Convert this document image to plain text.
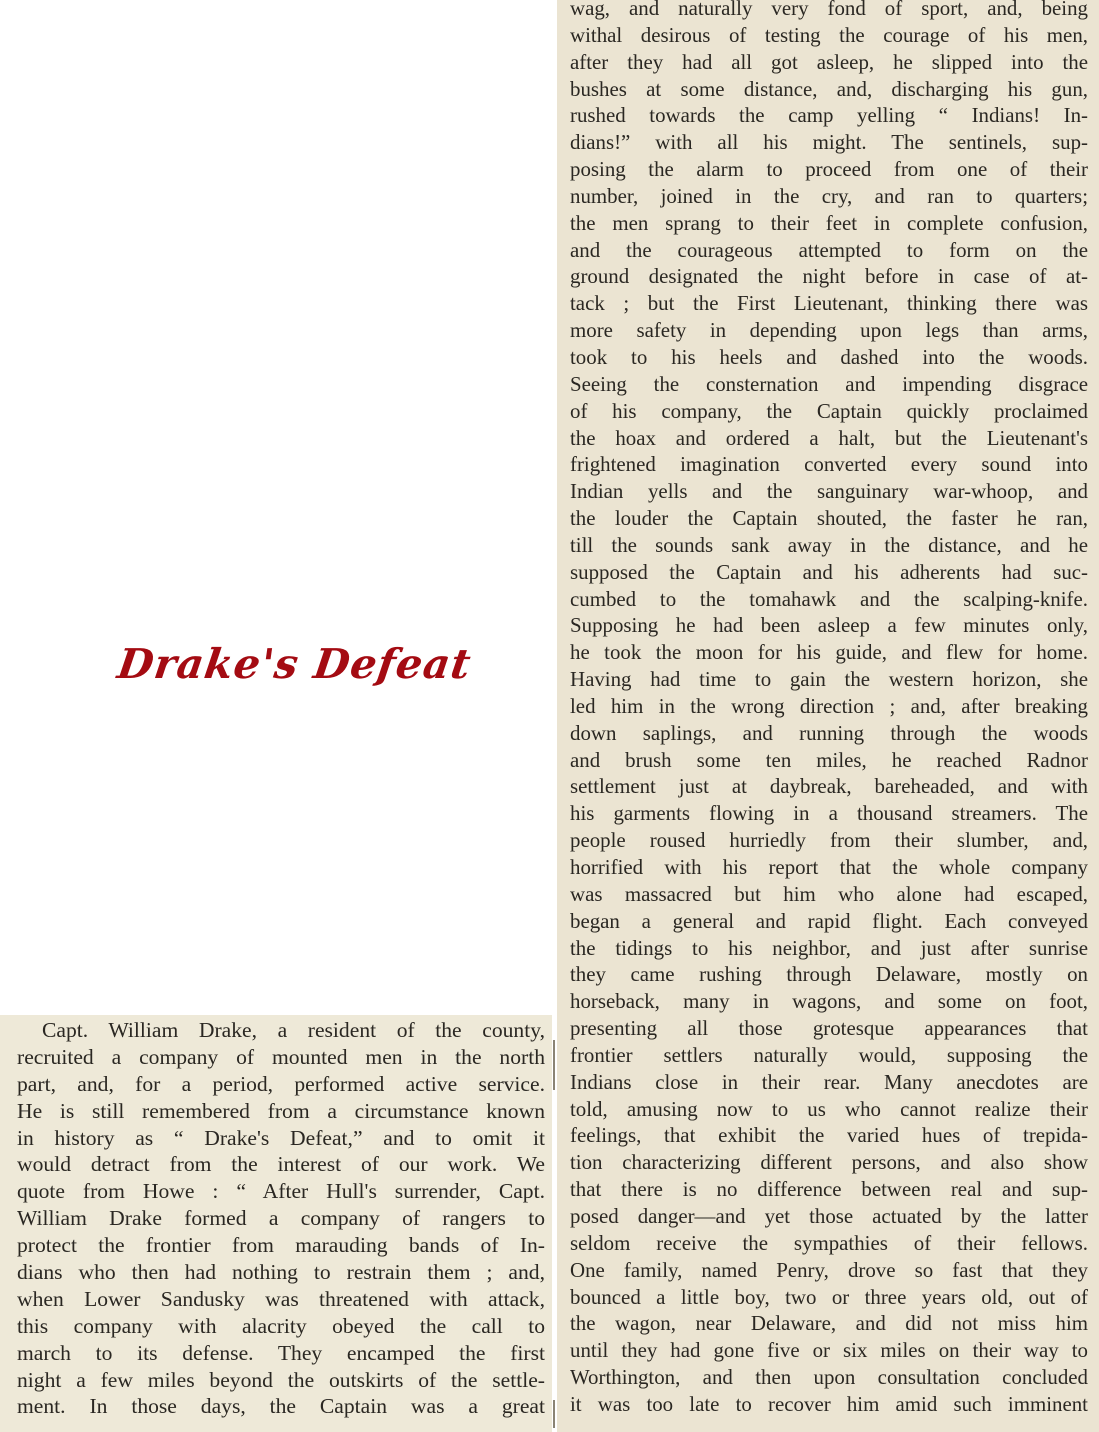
Drake's Defeat
Capt. William Drake, a resident of the county,
recruited a company of mounted men in the north
part, and, for a period, performed active service.
He is still remembered from a circumstance known
in history as “ Drake's Defeat,” and to omit it
would detract from the interest of our work. We
quote from Howe : “ After Hull's surrender, Capt.
William Drake formed a company of rangers to
protect the frontier from marauding bands of In-
dians who then had nothing to restrain them ; and,
when Lower Sandusky was threatened with attack,
this company with alacrity obeyed the call to
march to its defense. They encamped the first
night a few miles beyond the outskirts of the settle-
ment. In those days, the Captain was a great
wag, and naturally very fond of sport, and, being
withal desirous of testing the courage of his men,
after they had all got asleep, he slipped into the
bushes at some distance, and, discharging his gun,
rushed towards the camp yelling “ Indians! In-
dians!” with all his might. The sentinels, sup-
posing the alarm to proceed from one of their
number, joined in the cry, and ran to quarters;
the men sprang to their feet in complete confusion,
and the courageous attempted to form on the
ground designated the night before in case of at-
tack ; but the First Lieutenant, thinking there was
more safety in depending upon legs than arms,
took to his heels and dashed into the woods.
Seeing the consternation and impending disgrace
of his company, the Captain quickly proclaimed
the hoax and ordered a halt, but the Lieutenant's
frightened imagination converted every sound into
Indian yells and the sanguinary war-whoop, and
the louder the Captain shouted, the faster he ran,
till the sounds sank away in the distance, and he
supposed the Captain and his adherents had suc-
cumbed to the tomahawk and the scalping-knife.
Supposing he had been asleep a few minutes only,
he took the moon for his guide, and flew for home.
Having had time to gain the western horizon, she
led him in the wrong direction ; and, after breaking
down saplings, and running through the woods
and brush some ten miles, he reached Radnor
settlement just at daybreak, bareheaded, and with
his garments flowing in a thousand streamers. The
people roused hurriedly from their slumber, and,
horrified with his report that the whole company
was massacred but him who alone had escaped,
began a general and rapid flight. Each conveyed
the tidings to his neighbor, and just after sunrise
they came rushing through Delaware, mostly on
horseback, many in wagons, and some on foot,
presenting all those grotesque appearances that
frontier settlers naturally would, supposing the
Indians close in their rear. Many anecdotes are
told, amusing now to us who cannot realize their
feelings, that exhibit the varied hues of trepida-
tion characterizing different persons, and also show
that there is no difference between real and sup-
posed danger—and yet those actuated by the latter
seldom receive the sympathies of their fellows.
One family, named Penry, drove so fast that they
bounced a little boy, two or three years old, out of
the wagon, near Delaware, and did not miss him
until they had gone five or six miles on their way to
Worthington, and then upon consultation concluded
it was too late to recover him amid such imminent
